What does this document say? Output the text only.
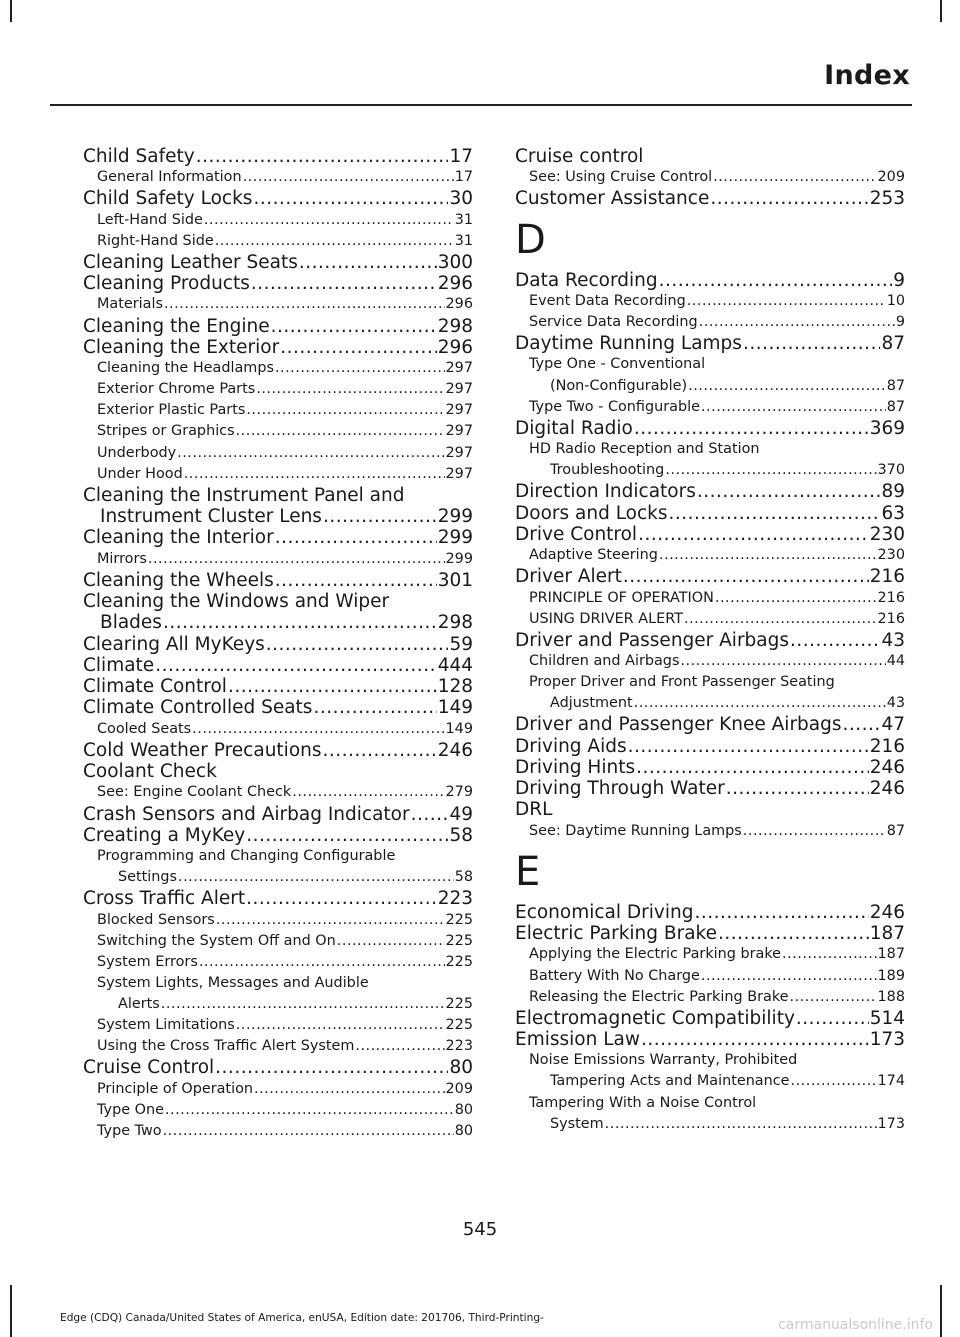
Index
Child Safety .....	17
General Information .....	17
Child Safety Locks .....	30
Left-Hand Side .....	31
Right-Hand Side .....	31
Cleaning Leather Seats .....	300
Cleaning Products .....	296
Materials .....	296
Cleaning the Engine .....	298
Cleaning the Exterior .....	296
Cleaning the Headlamps .....	297
Exterior Chrome Parts .....	297
Exterior Plastic Parts .....	297
Stripes or Graphics .....	297
Underbody .....	297
Under Hood .....	297
Cleaning the Instrument Panel and
Instrument Cluster Lens .....	299
Cleaning the Interior .....	299
Mirrors .....	299
Cleaning the Wheels .....	301
Cleaning the Windows and Wiper
Blades .....	298
Clearing All MyKeys .....	59
Climate .....	444
Climate Control .....	128
Climate Controlled Seats .....	149
Cooled Seats .....	149
Cold Weather Precautions .....	246
Coolant Check
See: Engine Coolant Check .....	279
Crash Sensors and Airbag Indicator ..... 49
Creating a MyKey .....	58
Programming and Changing Configurable
Settings .....	58
Cross Traffic Alert .....	223
Blocked Sensors .....	225
Switching the System Off and On .....	225
System Errors .....	225
System Lights, Messages and Audible
Alerts .....	225
System Limitations .....	225
Using the Cross Traffic Alert System .....	223
Cruise Control .....	80
Principle of Operation .....	209
Type One .....	80
Type Two .....	80
Cruise control
See: Using Cruise Control .....	209
Customer Assistance .....	253
D
Data Recording .....	9
Event Data Recording .....	10
Service Data Recording .....	9
Daytime Running Lamps .....	87
Type One - Conventional
(Non-Configurable) .....	87
Type Two - Configurable .....	87
Digital Radio .....	369
HD Radio Reception and Station
Troubleshooting .....	370
Direction Indicators .....	89
Doors and Locks .....	63
Drive Control .....	230
Adaptive Steering .....	230
Driver Alert .....	216
PRINCIPLE OF OPERATION .....	216
USING DRIVER ALERT .....	216
Driver and Passenger Airbags .....	43
Children and Airbags .....	44
Proper Driver and Front Passenger Seating
Adjustment .....	43
Driver and Passenger Knee Airbags ..... 47
Driving Aids .....	216
Driving Hints .....	246
Driving Through Water .....	246
DRL
See: Daytime Running Lamps .....	87
E
Economical Driving .....	246
Electric Parking Brake .....	187
Applying the Electric Parking brake .....	187
Battery With No Charge .....	189
Releasing the Electric Parking Brake .....	188
Electromagnetic Compatibility .....	514
Emission Law .....	173
Noise Emissions Warranty, Prohibited
Tampering Acts and Maintenance .....	174
Tampering With a Noise Control
System .....	173
545
Edge (CDQ) Canada/United States of America, enUSA, Edition date: 201706, Third-Printing-	carmanualsonline.info
